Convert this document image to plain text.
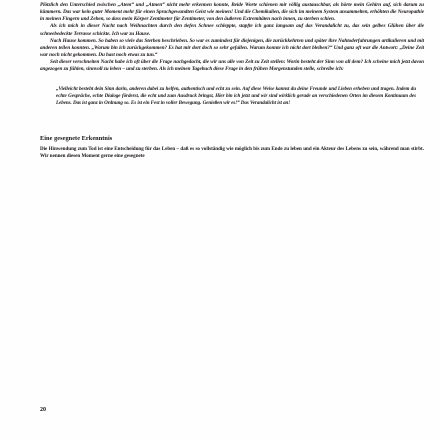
Plötzlich den Unterschied zwischen „Atem“ und „Atmen“ nicht mehr erkennen konnte, Beide Worte schienen mir völlig austauschbar, als hörte mein Gehirn auf, sich darum zu kümmern. Das war kein guter Moment mehr für einen Sprachgewandten Geist wie meinen! Und die Chemikalien, die sich im meinem System ansammelten, erhöhten die Neuropathie in meinen Fingern und Zehen, so dass mein Körper Zentimeter für Zentimeter, von den äußeren Extremitäten nach innen, zu sterben schien.

Als ich mich in dieser Nacht nach Weihnachten durch den tiefen Schnee schleppte, stapfte ich ganz langsam auf das Verandalicht zu, das sein gelbes Glühen über die schneebedeckte Terrasse schickte. Ich war zu Hause.

Nach Hause kommen. So haben so viele das Sterben beschrieben. So war es zumindest für diejenigen, die zurückkehrten und später ihre Nahtoderfahrungen artikulieren und mit anderen teilen konnten. „Warum bin ich zurückgekommen? Es hat mir dort doch so sehr gefallen. Warum konnte ich nicht dort bleiben?“ Und ganz oft war die Antwort: „Deine Zeit war noch nicht gekommen. Du hast noch etwas zu tun.“

Seit dieser verschneiten Nacht habe ich oft über die Frage nachgedacht, die wir uns alle von Zeit zu Zeit stellen: Worin besteht der Sinn von all dem? Ich scheine mich jetzt davon angezogen zu fühlen, sinnvoll zu leben – und zu sterben. Als ich meinen Tagebuch diese Frage in den frühen Morgenstunden stelle, schreibe ich:

„Vielleicht besteht dein Sinn darin, anderen dabei zu helfen, authentisch und echt zu sein. Auf diese Weise kannst du deine Freunde und Lieben erheben und tragen. Indem du echte Gespräche, echte Dialoge förderst, die echt und zum Ausdruck bringst, Hier bin ich jetzt und wir sind wirklich gerade an verschiedenen Orten im diesem Kontinuum des Lebens. Das ist ganz in Ordnung so. Es ist ein Fest in voller Bewegung. Genießen wir es!“ Das Verandalicht ist an!

Eine gesegnete Erkenntnis

Die Hinwendung zum Tod ist eine Entscheidung für das Leben – daß es so vollständig wie möglich bis zum Ende zu leben und ein Akteur des Lebens zu sein, während man stirbt. Wir nennen diesen Moment gerne eine gesegnete

20
